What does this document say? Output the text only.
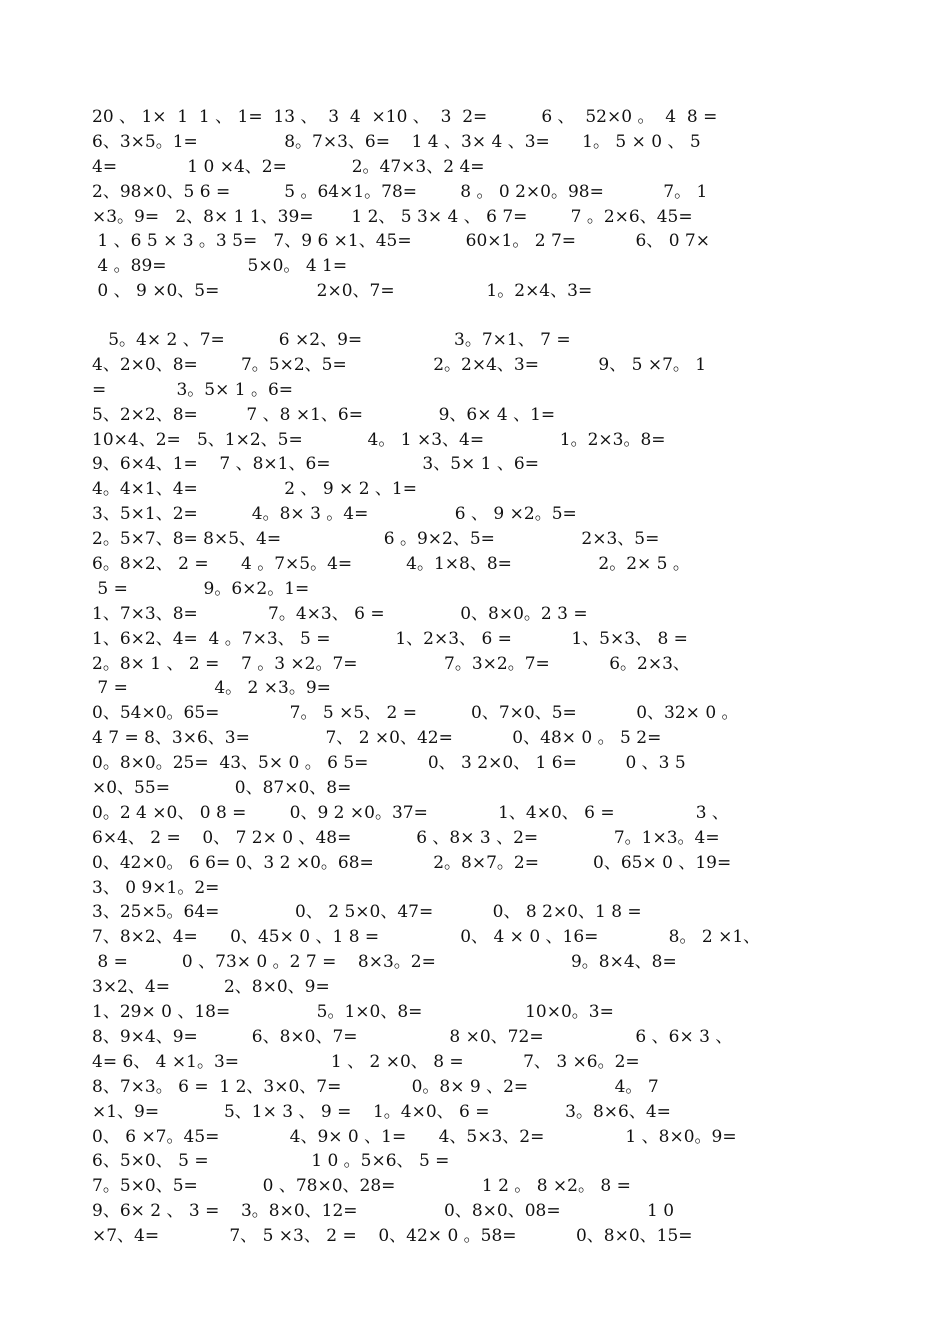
20 、 1×  1  1 、 1=  13 、  3  4  ×10 、  3  2=          6 、  52×0 。  4  8 =
6、3×5。1=                8。7×3、6=    1 4 、3× 4 、3=      1。 5 × 0 、 5
4=             1 0 ×4、2=            2。47×3、2 4=
2、98×0、5 6 =          5 。64×1。78=        8 。 0 2×0。98=           7。 1
×3。9=   2、8× 1 1、39=       1 2、 5 3× 4 、 6 7=        7 。2×6、45=
1 、6 5 × 3 。3 5=   7、9 6 ×1、45=          60×1。 2 7=           6、 0 7×
4 。89=               5×0。 4 1=
0 、 9 ×0、5=                  2×0、7=                 1。2×4、3=
5。4× 2 、7=          6 ×2、9=                 3。7×1、 7 =
4、2×0、8=        7。5×2、5=                2。2×4、3=           9、 5 ×7。 1
=             3。5× 1 。6=
5、2×2、8=         7 、8 ×1、6=              9、6× 4 、1=
10×4、2=   5、1×2、5=            4。 1 ×3、4=              1。2×3。8=
9、6×4、1=    7 、8×1、6=                 3、5× 1 、6=
4。4×1、4=                2 、 9 × 2 、1=
3、5×1、2=          4。8× 3 。4=                6 、 9 ×2。5=
2。5×7、8= 8×5、4=                   6 。9×2、5=                2×3、5=
6。8×2、 2 =      4 。7×5。4=          4。1×8、8=                2。2× 5 。
5 =              9。6×2。1=
1、7×3、8=             7。4×3、 6 =              0、8×0。2 3 =
1、6×2、4=  4 。7×3、 5 =            1、2×3、 6 =           1、5×3、 8 =
2。8× 1 、 2 =    7 。3 ×2。7=                7。3×2。7=           6。2×3、
7 =                4。 2 ×3。9=
0、54×0。65=             7。 5 ×5、 2 =          0、7×0、5=           0、32× 0 。
4 7 = 8、3×6、3=              7、 2 ×0、42=           0、48× 0 。 5 2=
0。8×0。25=  43、5× 0 。 6 5=           0、 3 2×0、 1 6=         0 、3 5
×0、55=            0、87×0、8=
0。2 4 ×0、 0 8 =        0、9 2 ×0。37=             1、4×0、 6 =               3 、
6×4、 2 =    0、 7 2× 0 、48=            6 、8× 3 、2=              7。1×3。4=
0、42×0。 6 6= 0、3 2 ×0。68=           2。8×7。2=          0、65× 0 、19=
3、 0 9×1。2=
3、25×5。64=              0、 2 5×0、47=           0、 8 2×0、1 8 =
7、8×2、4=      0、45× 0 、1 8 =               0、 4 × 0 、16=             8。 2 ×1、
8 =          0 、73× 0 。2 7 =    8×3。2=                         9。8×4、8=
3×2、4=          2、8×0、9=
1、29× 0 、18=                5。1×0、8=                   10×0。3=
8、9×4、9=          6、8×0、7=                 8 ×0、72=                 6 、6× 3 、
4= 6、 4 ×1。3=                 1 、 2 ×0、 8 =           7、 3 ×6。2=
8、7×3。 6 =  1 2、3×0、7=             0。8× 9 、2=                4。 7
×1、9=            5、1× 3 、 9 =    1。4×0、 6 =              3。8×6、4=
0、 6 ×7。45=             4、9× 0 、1=      4、5×3、2=               1 、8×0。9=
6、5×0、 5 =                   1 0 。5×6、 5 =
7。5×0、5=            0 、78×0、28=                1 2 。 8 ×2。 8 =
9、6× 2 、 3 =    3。8×0、12=                0、8×0、08=                1 0
×7、4=             7、 5 ×3、 2 =    0、42× 0 。58=           0、8×0、15=
